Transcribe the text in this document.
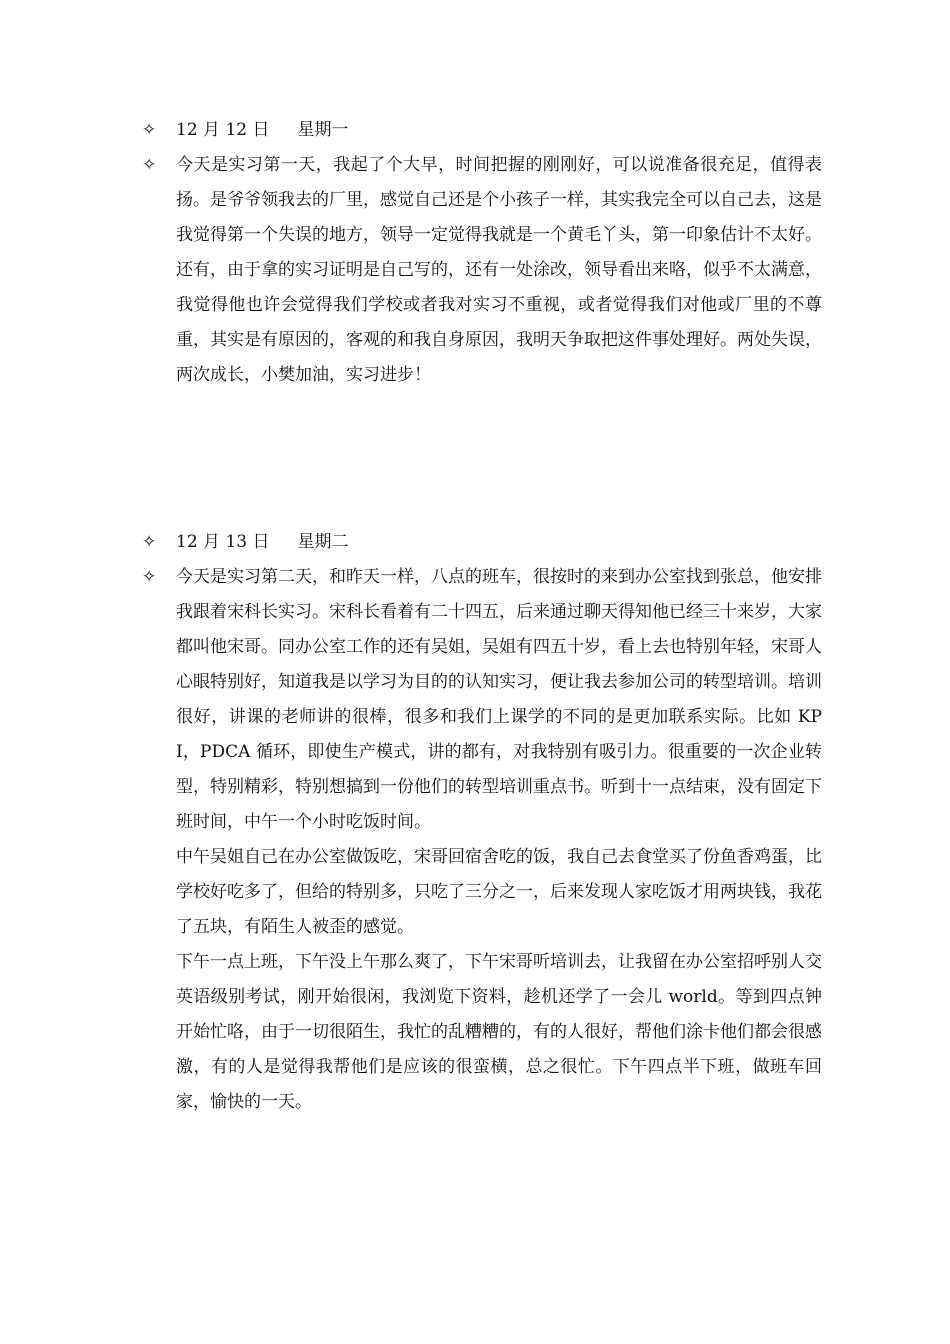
✧	12 月 12 日 星期一
✧	今天是实习第一天，我起了个大早，时间把握的刚刚好，可以说准备很充足，值得表扬。是爷爷领我去的厂里，感觉自己还是个小孩子一样，其实我完全可以自己去，这是我觉得第一个失误的地方，领导一定觉得我就是一个黄毛丫头，第一印象估计不太好。还有，由于拿的实习证明是自己写的，还有一处涂改，领导看出来咯，似乎不太满意，我觉得他也许会觉得我们学校或者我对实习不重视，或者觉得我们对他或厂里的不尊重，其实是有原因的，客观的和我自身原因，我明天争取把这件事处理好。两处失误，两次成长，小樊加油，实习进步！
✧	12 月 13 日 星期二
✧	今天是实习第二天，和昨天一样，八点的班车，很按时的来到办公室找到张总，他安排我跟着宋科长实习。宋科长看着有二十四五，后来通过聊天得知他已经三十来岁，大家都叫他宋哥。同办公室工作的还有吴姐，吴姐有四五十岁，看上去也特别年轻，宋哥人心眼特别好，知道我是以学习为目的的认知实习，便让我去参加公司的转型培训。培训很好，讲课的老师讲的很棒，很多和我们上课学的不同的是更加联系实际。比如 KPI，PDCA 循环，即使生产模式，讲的都有，对我特别有吸引力。很重要的一次企业转型，特别精彩，特别想搞到一份他们的转型培训重点书。听到十一点结束，没有固定下班时间，中午一个小时吃饭时间。
中午吴姐自己在办公室做饭吃，宋哥回宿舍吃的饭，我自己去食堂买了份鱼香鸡蛋，比学校好吃多了，但给的特别多，只吃了三分之一，后来发现人家吃饭才用两块钱，我花了五块，有陌生人被歪的感觉。
下午一点上班，下午没上午那么爽了，下午宋哥听培训去，让我留在办公室招呼别人交英语级别考试，刚开始很闲，我浏览下资料，趁机还学了一会儿 world。等到四点钟开始忙咯，由于一切很陌生，我忙的乱糟糟的，有的人很好，帮他们涂卡他们都会很感激，有的人是觉得我帮他们是应该的很蛮横，总之很忙。下午四点半下班，做班车回家，愉快的一天。
